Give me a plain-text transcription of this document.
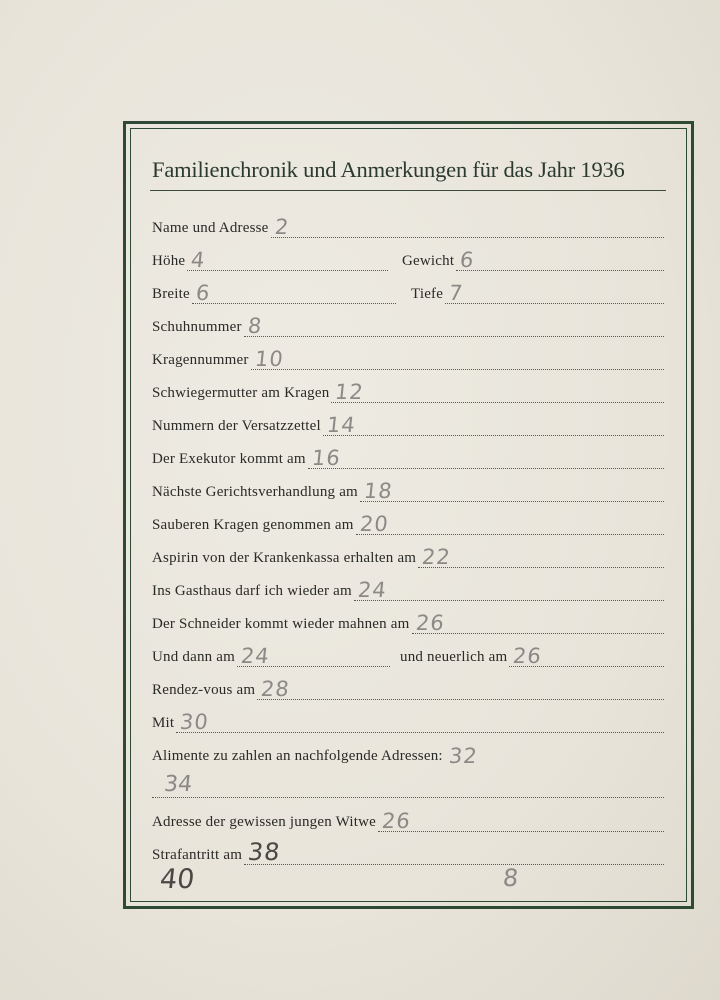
Familienchronik und Anmerkungen für das Jahr 1936
Name und Adresse 2
Höhe 4	Gewicht 6
Breite 6	Tiefe 7
Schuhnummer 8
Kragennummer 10
Schwiegermutter am Kragen 12
Nummern der Versatzzettel 14
Der Exekutor kommt am 16
Nächste Gerichtsverhandlung am 18
Sauberen Kragen genommen am 20
Aspirin von der Krankenkassa erhalten am 22
Ins Gasthaus darf ich wieder am 24
Der Schneider kommt wieder mahnen am 26
Und dann am 24	und neuerlich am 26
Rendez-vous am 28
Mit 30
Alimente zu zahlen an nachfolgende Adressen: 32
34
Adresse der gewissen jungen Witwe 26
Strafantritt am 38
40	8
